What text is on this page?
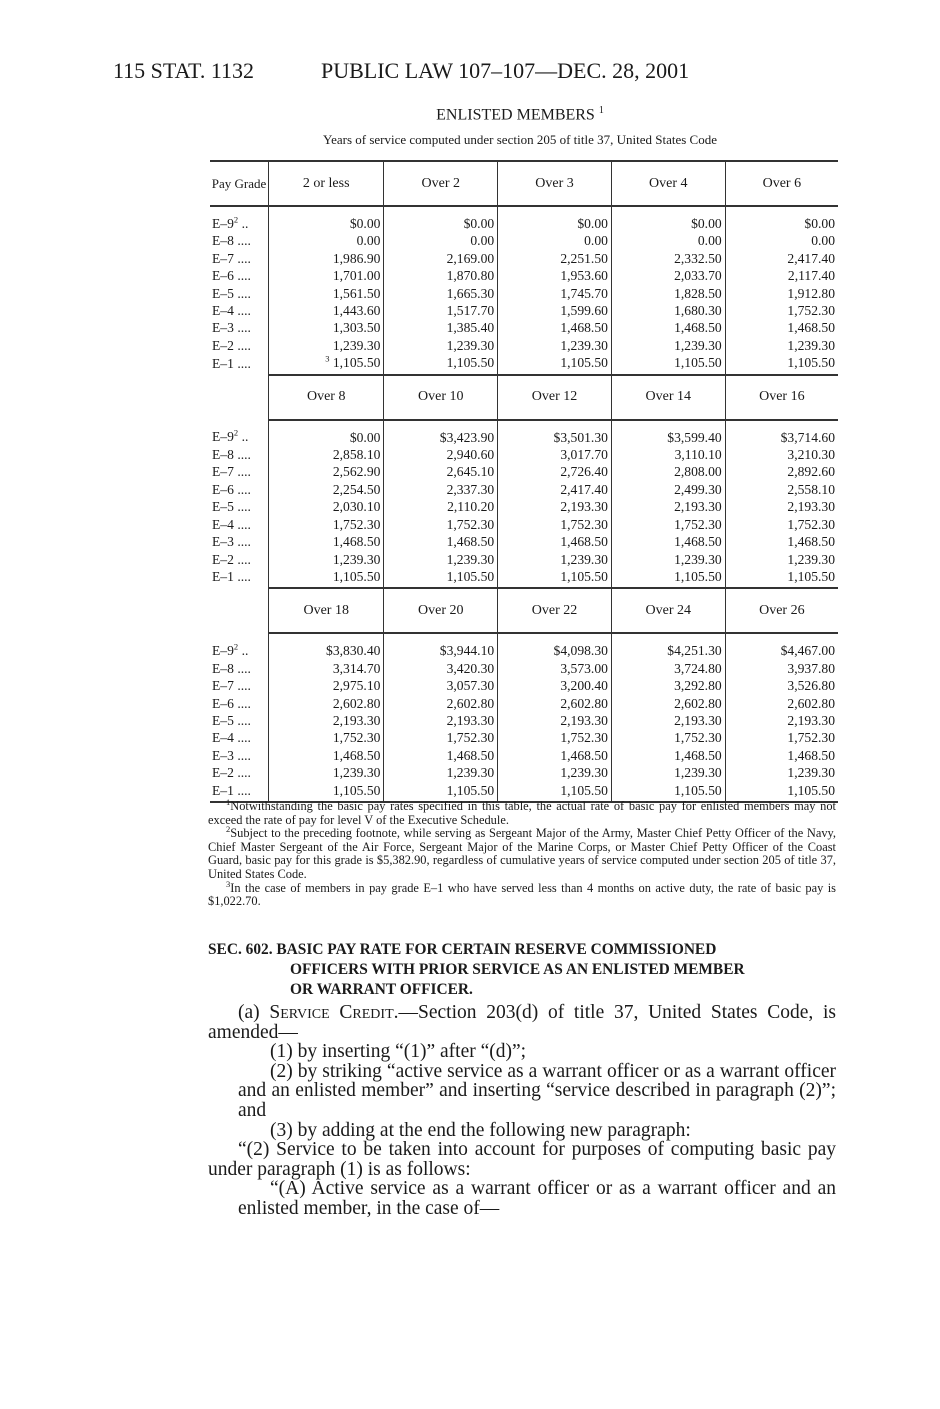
115 STAT. 1132	PUBLIC LAW 107–107—DEC. 28, 2001
ENLISTED MEMBERS $^1$
Years of service computed under section 205 of title 37, United States Code
Pay Grade	2 or less	Over 2	Over 3	Over 4	Over 6
E–9$^2$ ..	$0.00	$0.00	$0.00	$0.00	$0.00
E–8 ....	0.00	0.00	0.00	0.00	0.00
E–7 ....	1,986.90	2,169.00	2,251.50	2,332.50	2,417.40
E–6 ....	1,701.00	1,870.80	1,953.60	2,033.70	2,117.40
E–5 ....	1,561.50	1,665.30	1,745.70	1,828.50	1,912.80
E–4 ....	1,443.60	1,517.70	1,599.60	1,680.30	1,752.30
E–3 ....	1,303.50	1,385.40	1,468.50	1,468.50	1,468.50
E–2 ....	1,239.30	1,239.30	1,239.30	1,239.30	1,239.30
E–1 ....	$^3$ 1,105.50	1,105.50	1,105.50	1,105.50	1,105.50
	Over 8	Over 10	Over 12	Over 14	Over 16
E–9$^2$ ..	$0.00	$3,423.90	$3,501.30	$3,599.40	$3,714.60
E–8 ....	2,858.10	2,940.60	3,017.70	3,110.10	3,210.30
E–7 ....	2,562.90	2,645.10	2,726.40	2,808.00	2,892.60
E–6 ....	2,254.50	2,337.30	2,417.40	2,499.30	2,558.10
E–5 ....	2,030.10	2,110.20	2,193.30	2,193.30	2,193.30
E–4 ....	1,752.30	1,752.30	1,752.30	1,752.30	1,752.30
E–3 ....	1,468.50	1,468.50	1,468.50	1,468.50	1,468.50
E–2 ....	1,239.30	1,239.30	1,239.30	1,239.30	1,239.30
E–1 ....	1,105.50	1,105.50	1,105.50	1,105.50	1,105.50
	Over 18	Over 20	Over 22	Over 24	Over 26
E–9$^2$ ..	$3,830.40	$3,944.10	$4,098.30	$4,251.30	$4,467.00
E–8 ....	3,314.70	3,420.30	3,573.00	3,724.80	3,937.80
E–7 ....	2,975.10	3,057.30	3,200.40	3,292.80	3,526.80
E–6 ....	2,602.80	2,602.80	2,602.80	2,602.80	2,602.80
E–5 ....	2,193.30	2,193.30	2,193.30	2,193.30	2,193.30
E–4 ....	1,752.30	1,752.30	1,752.30	1,752.30	1,752.30
E–3 ....	1,468.50	1,468.50	1,468.50	1,468.50	1,468.50
E–2 ....	1,239.30	1,239.30	1,239.30	1,239.30	1,239.30
E–1 ....	1,105.50	1,105.50	1,105.50	1,105.50	1,105.50

$^1$Notwithstanding the basic pay rates specified in this table, the actual rate of basic pay for enlisted members may not exceed the rate of pay for level V of the Executive Schedule.

$^2$Subject to the preceding footnote, while serving as Sergeant Major of the Army, Master Chief Petty Officer of the Navy, Chief Master Sergeant of the Air Force, Sergeant Major of the Marine Corps, or Master Chief Petty Officer of the Coast Guard, basic pay for this grade is $5,382.90, regardless of cumulative years of service computed under section 205 of title 37, United States Code.

$^3$In the case of members in pay grade E–1 who have served less than 4 months on active duty, the rate of basic pay is $1,022.70.

SEC. 602. BASIC PAY RATE FOR CERTAIN RESERVE COMMISSIONED
OFFICERS WITH PRIOR SERVICE AS AN ENLISTED MEMBER
OR WARRANT OFFICER.

(a) Service Credit.—Section 203(d) of title 37, United States Code, is amended—

(1) by inserting “(1)” after “(d)”;

(2) by striking “active service as a warrant officer or as a warrant officer and an enlisted member” and inserting “service described in paragraph (2)”; and

(3) by adding at the end the following new paragraph:

“(2) Service to be taken into account for purposes of computing basic pay under paragraph (1) is as follows:

“(A) Active service as a warrant officer or as a warrant officer and an enlisted member, in the case of—
